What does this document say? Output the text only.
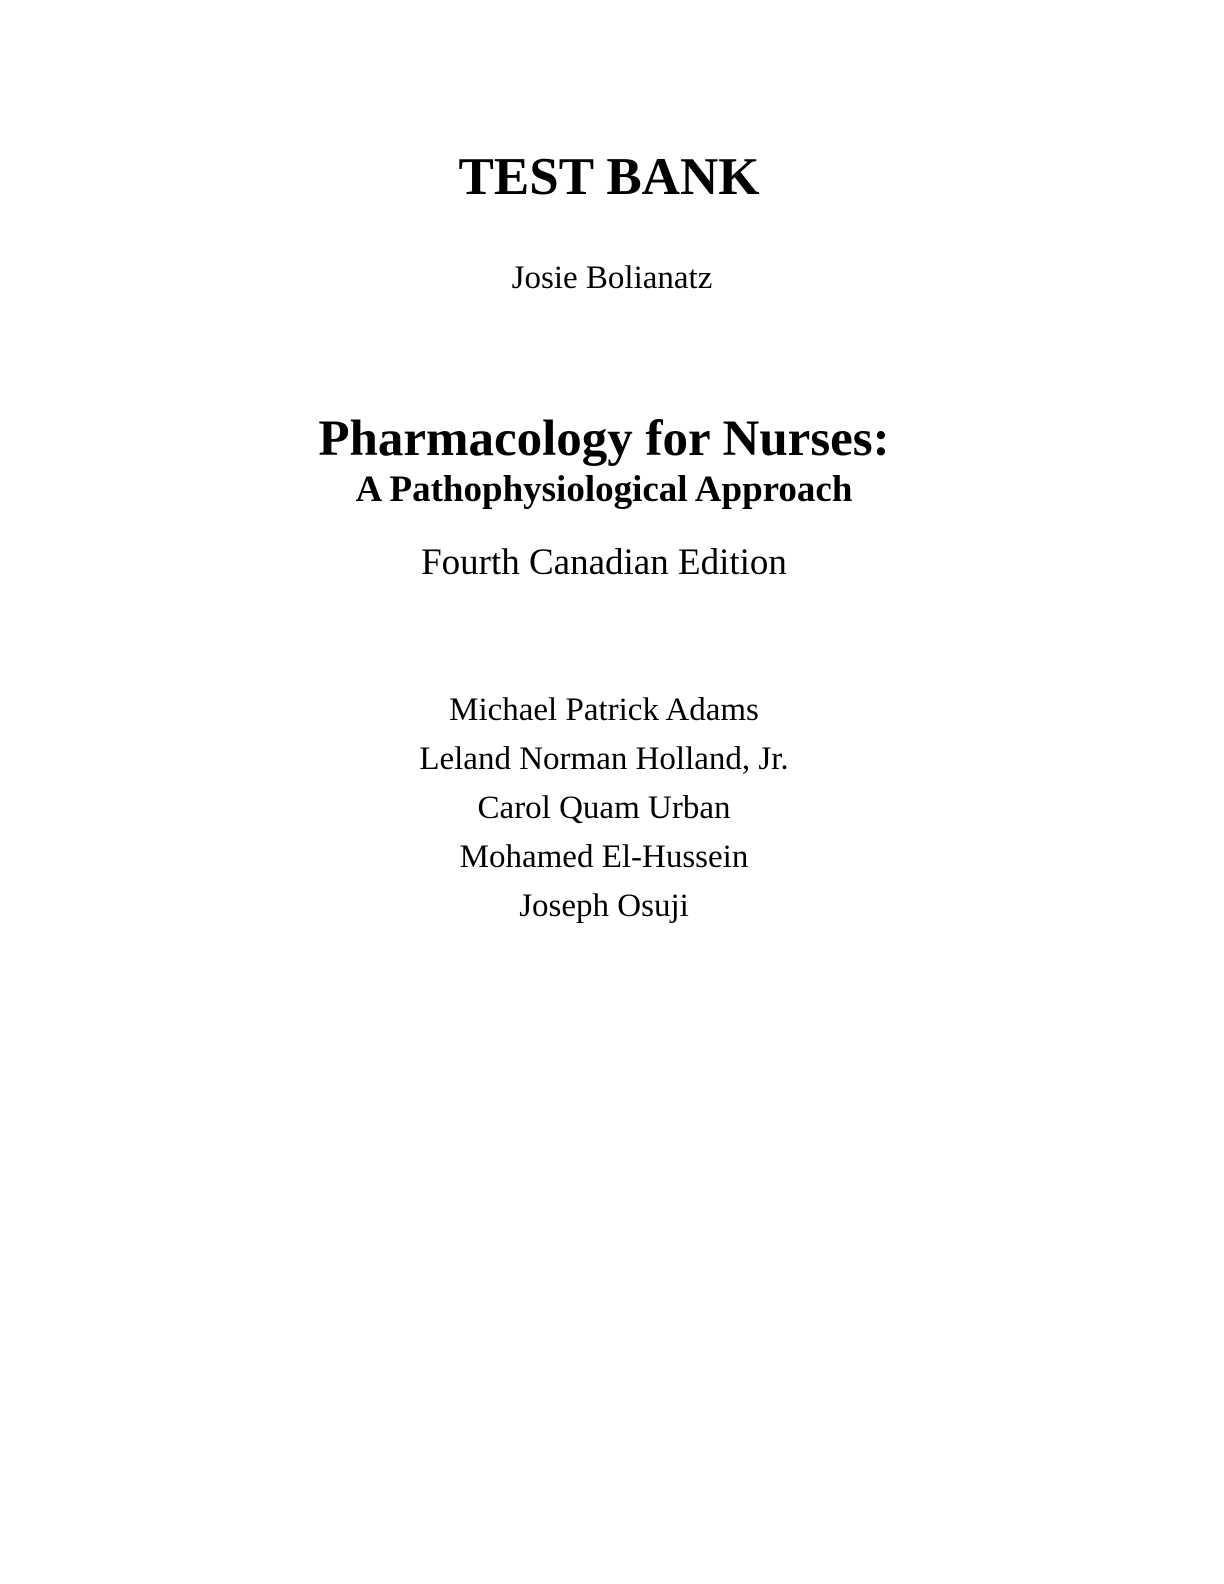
TEST BANK
Josie Bolianatz
Pharmacology for Nurses:
A Pathophysiological Approach
Fourth Canadian Edition
Michael Patrick Adams
Leland Norman Holland, Jr.
Carol Quam Urban
Mohamed El-Hussein
Joseph Osuji
